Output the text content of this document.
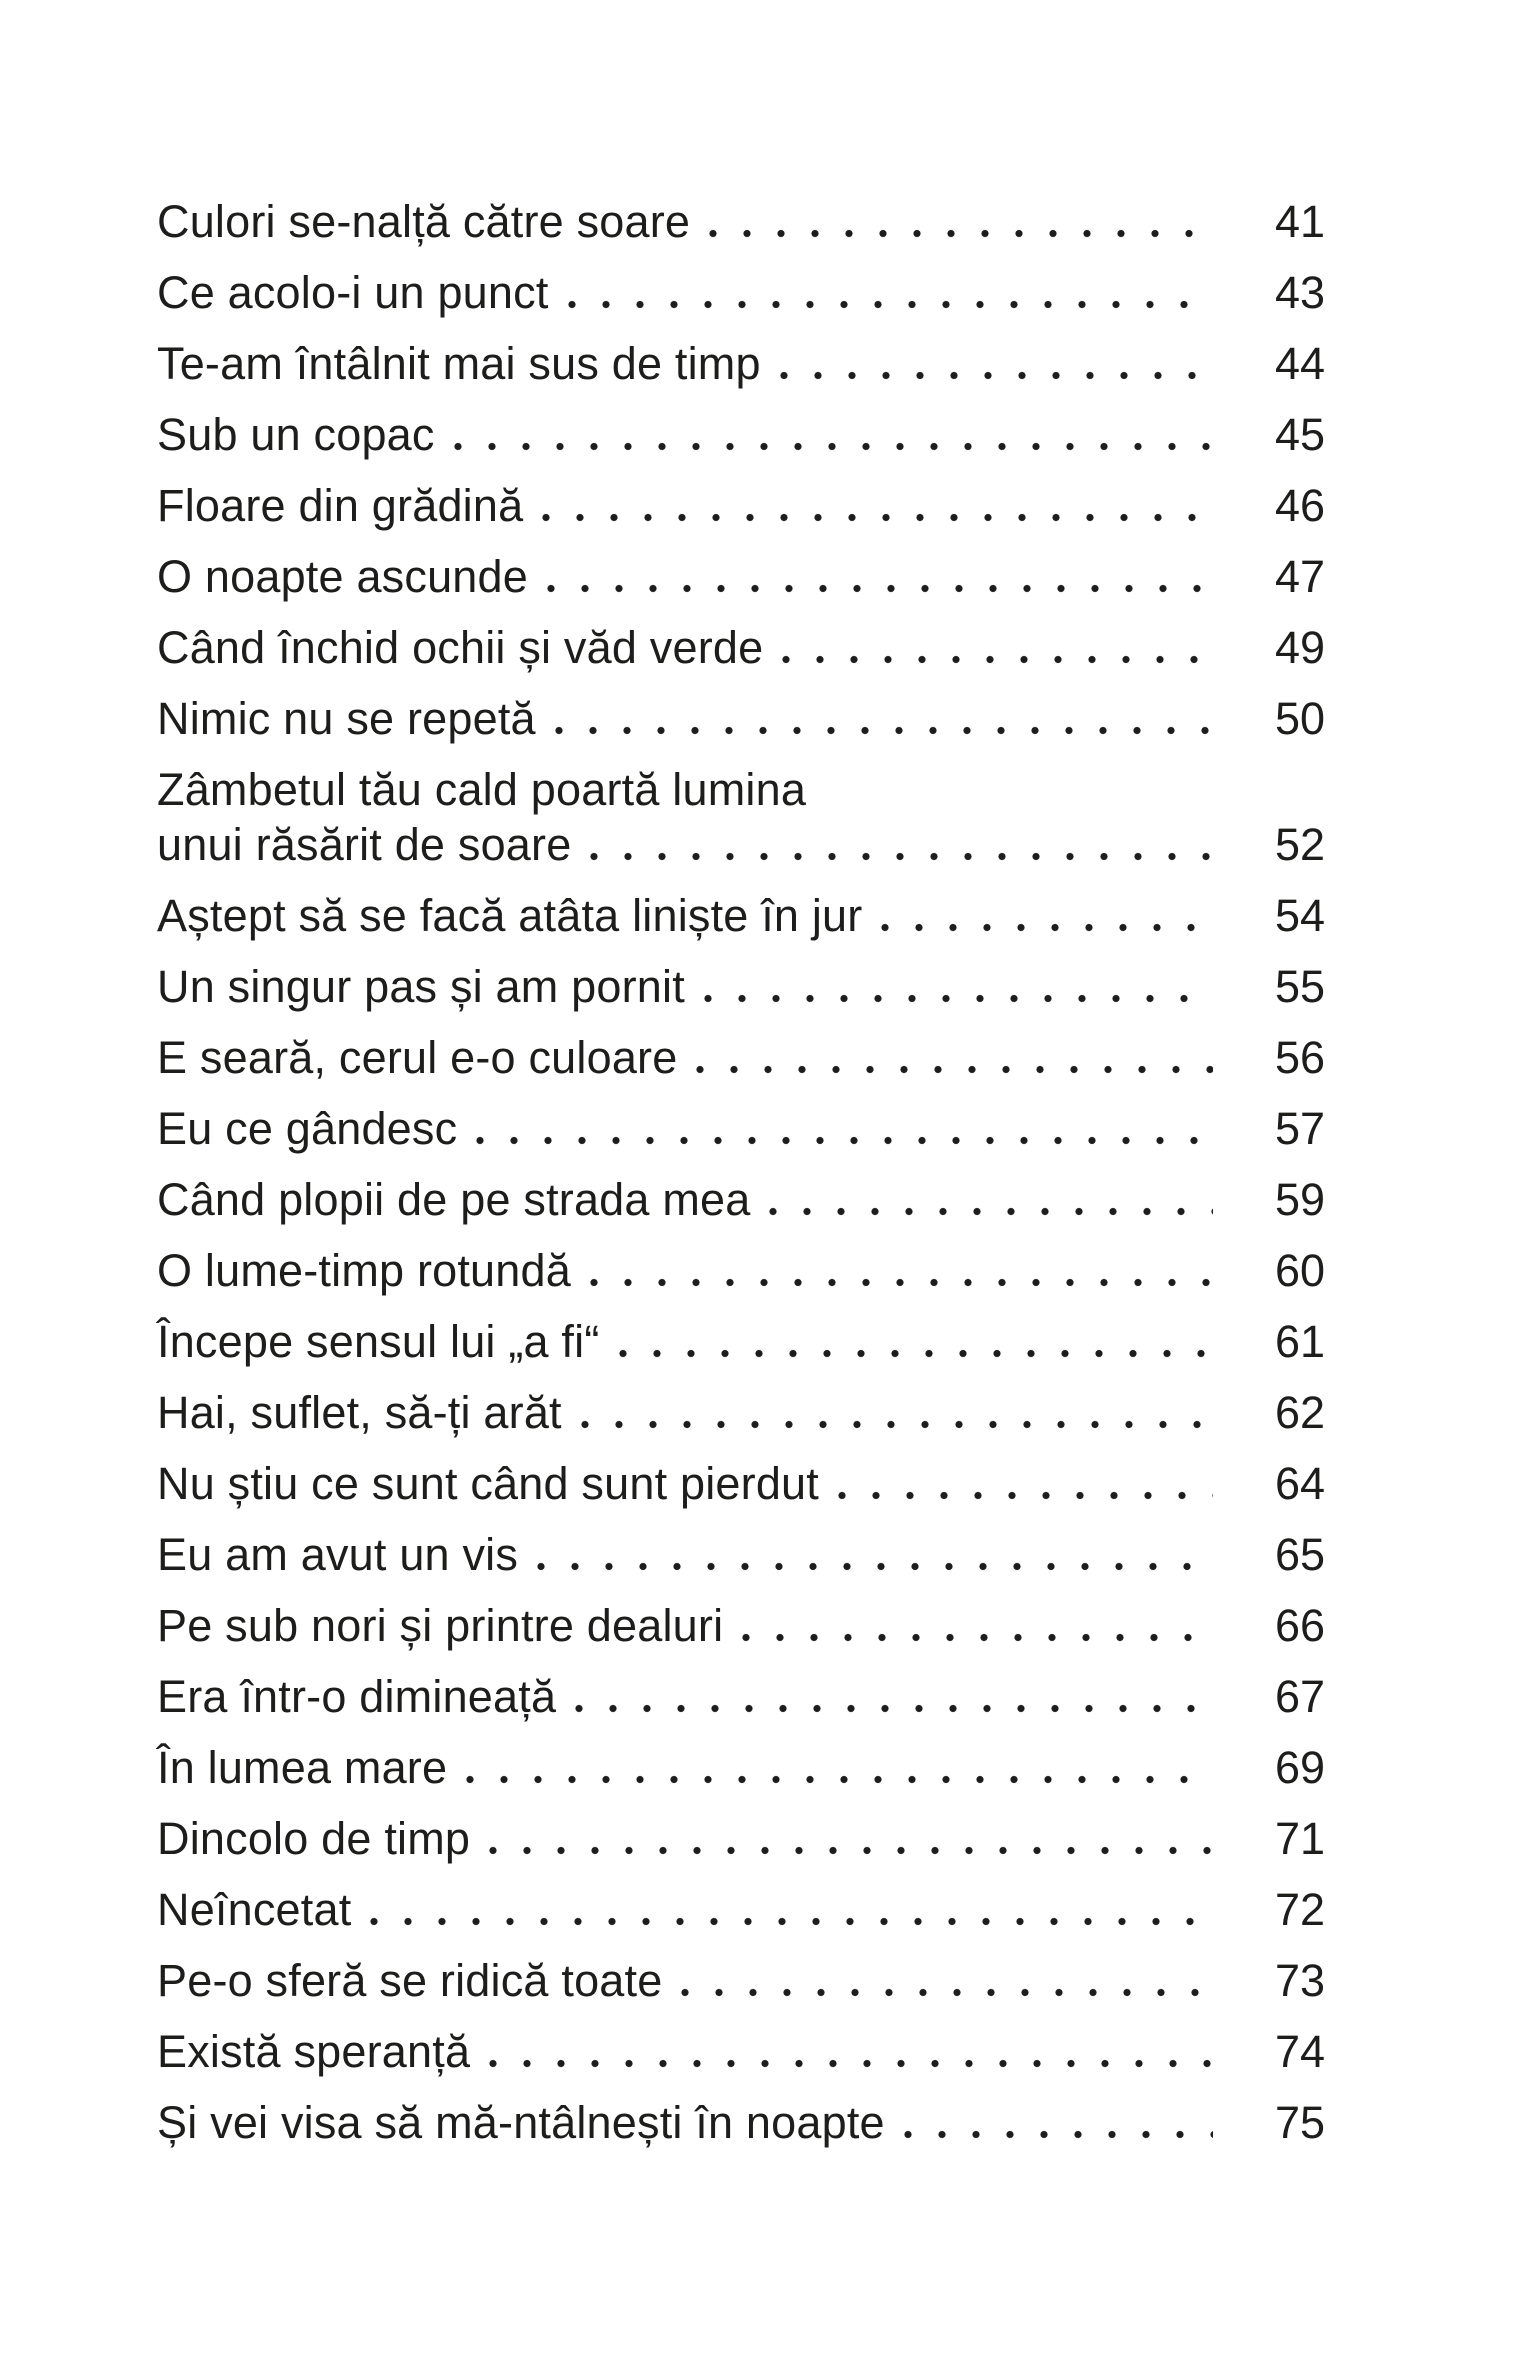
Culori se-nalță către soare	41
Ce acolo-i un punct	43
Te-am întâlnit mai sus de timp	44
Sub un copac	45
Floare din grădină	46
O noapte ascunde	47
Când închid ochii și văd verde	49
Nimic nu se repetă	50
Zâmbetul tău cald poartă lumina
unui răsărit de soare	52
Aștept să se facă atâta liniște în jur	54
Un singur pas și am pornit	55
E seară, cerul e-o culoare	56
Eu ce gândesc	57
Când plopii de pe strada mea	59
O lume-timp rotundă	60
Începe sensul lui „a fi“	61
Hai, suflet, să-ți arăt	62
Nu știu ce sunt când sunt pierdut	64
Eu am avut un vis	65
Pe sub nori și printre dealuri	66
Era într-o dimineață	67
În lumea mare	69
Dincolo de timp	71
Neîncetat	72
Pe-o sferă se ridică toate	73
Există speranță	74
Și vei visa să mă-ntâlnești în noapte	75
